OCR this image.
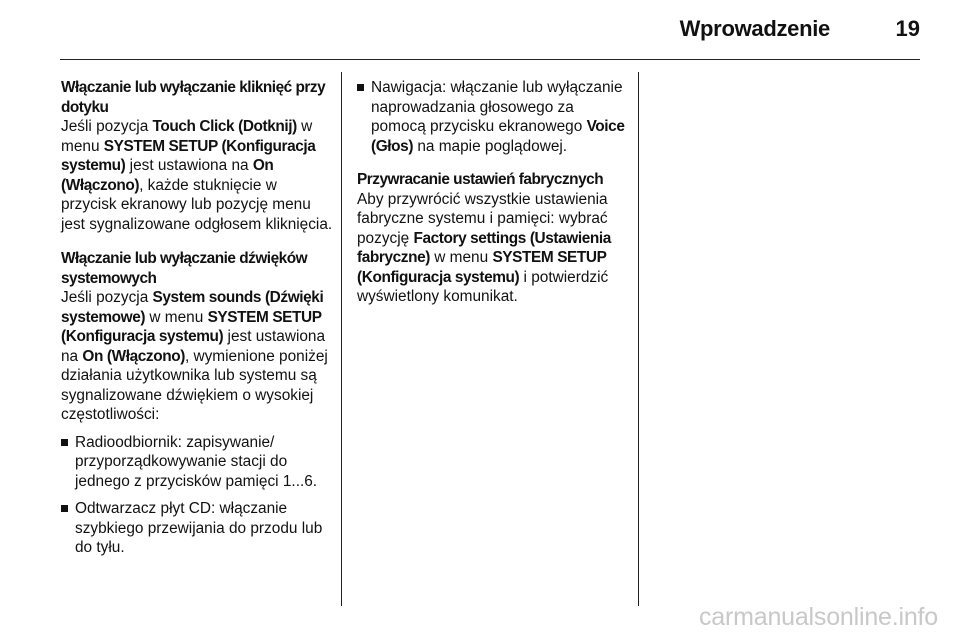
Wprowadzenie	19
Włączanie lub wyłączanie kliknięć przy dotyku

Jeśli pozycja Touch Click (Dotknij) w menu SYSTEM SETUP (Konfiguracja systemu) jest ustawiona na On (Włączono), każde stuknięcie w przycisk ekranowy lub pozycję menu jest sygnalizowane odgłosem kliknięcia.

Włączanie lub wyłączanie dźwięków systemowych

Jeśli pozycja System sounds (Dźwięki systemowe) w menu SYSTEM SETUP (Konfiguracja systemu) jest ustawiona na On (Włączono), wymienione poniżej działania użytkownika lub systemu są sygnalizowane dźwiękiem o wysokiej częstotliwości:

Radioodbiornik: zapisywanie/ przyporządkowywanie stacji do jednego z przycisków pamięci 1...6.
Odtwarzacz płyt CD: włączanie szybkiego przewijania do przodu lub do tyłu.
Nawigacja: włączanie lub wyłączanie naprowadzania głosowego za pomocą przycisku ekranowego Voice (Głos) na mapie poglądowej.
Przywracanie ustawień fabrycznych

Aby przywrócić wszystkie ustawienia fabryczne systemu i pamięci: wybrać pozycję Factory settings (Ustawienia fabryczne) w menu SYSTEM SETUP (Konfiguracja systemu) i potwierdzić wyświetlony komunikat.

carmanualsonline.info
